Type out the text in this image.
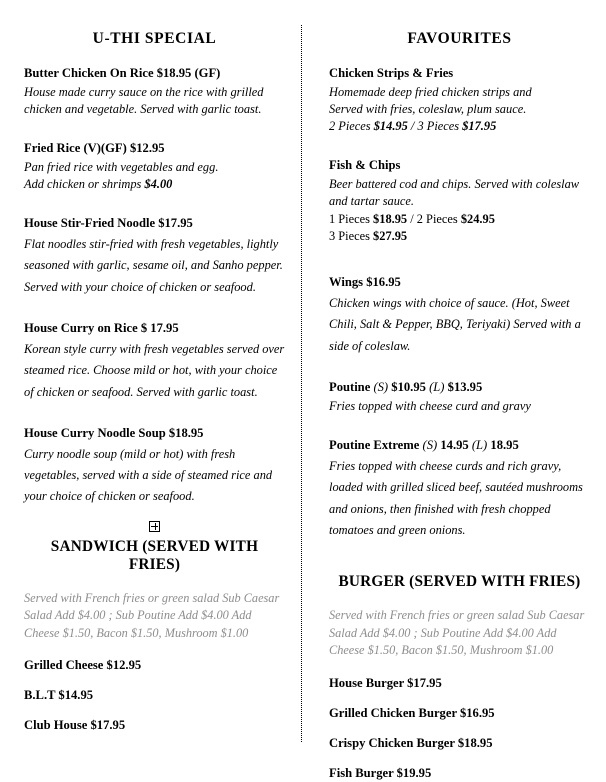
U-THI SPECIAL
Butter Chicken On Rice $18.95 (GF)
House made curry sauce on the rice with grilled chicken and vegetable. Served with garlic toast.
Fried Rice (V)(GF) $12.95
Pan fried rice with vegetables and egg.
Add chicken or shrimps $4.00
House Stir-Fried Noodle $17.95
Flat noodles stir-fried with fresh vegetables, lightly seasoned with garlic, sesame oil, and Sanho pepper. Served with your choice of chicken or seafood.
House Curry on Rice $ 17.95
Korean style curry with fresh vegetables served over steamed rice. Choose mild or hot, with your choice of chicken or seafood. Served with garlic toast.
House Curry Noodle Soup $18.95
Curry noodle soup (mild or hot) with fresh vegetables, served with a side of steamed rice and your choice of chicken or seafood.
SANDWICH (SERVED WITH FRIES)
Served with French fries or green salad Sub Caesar Salad Add $4.00 ; Sub Poutine Add $4.00 Add Cheese $1.50, Bacon $1.50, Mushroom $1.00
Grilled Cheese $12.95
B.L.T $14.95
Club House $17.95
FAVOURITES
Chicken Strips & Fries
Homemade deep fried chicken strips and
Served with fries, coleslaw, plum sauce.
2 Pieces $14.95 / 3 Pieces $17.95
Fish & Chips
Beer battered cod and chips. Served with coleslaw and tartar sauce.
1 Pieces $18.95 / 2 Pieces $24.95
3 Pieces $27.95
Wings $16.95
Chicken wings with choice of sauce. (Hot, Sweet Chili, Salt & Pepper, BBQ, Teriyaki) Served with a side of coleslaw.
Poutine (S) $10.95 (L) $13.95
Fries topped with cheese curd and gravy
Poutine Extreme (S) 14.95 (L) 18.95
Fries topped with cheese curds and rich gravy, loaded with grilled sliced beef, sautéed mushrooms and onions, then finished with fresh chopped tomatoes and green onions.
BURGER (SERVED WITH FRIES)
Served with French fries or green salad Sub Caesar Salad Add $4.00 ; Sub Poutine Add $4.00 Add Cheese $1.50, Bacon $1.50, Mushroom $1.00
House Burger $17.95
Grilled Chicken Burger $16.95
Crispy Chicken Burger $18.95
Fish Burger $19.95
